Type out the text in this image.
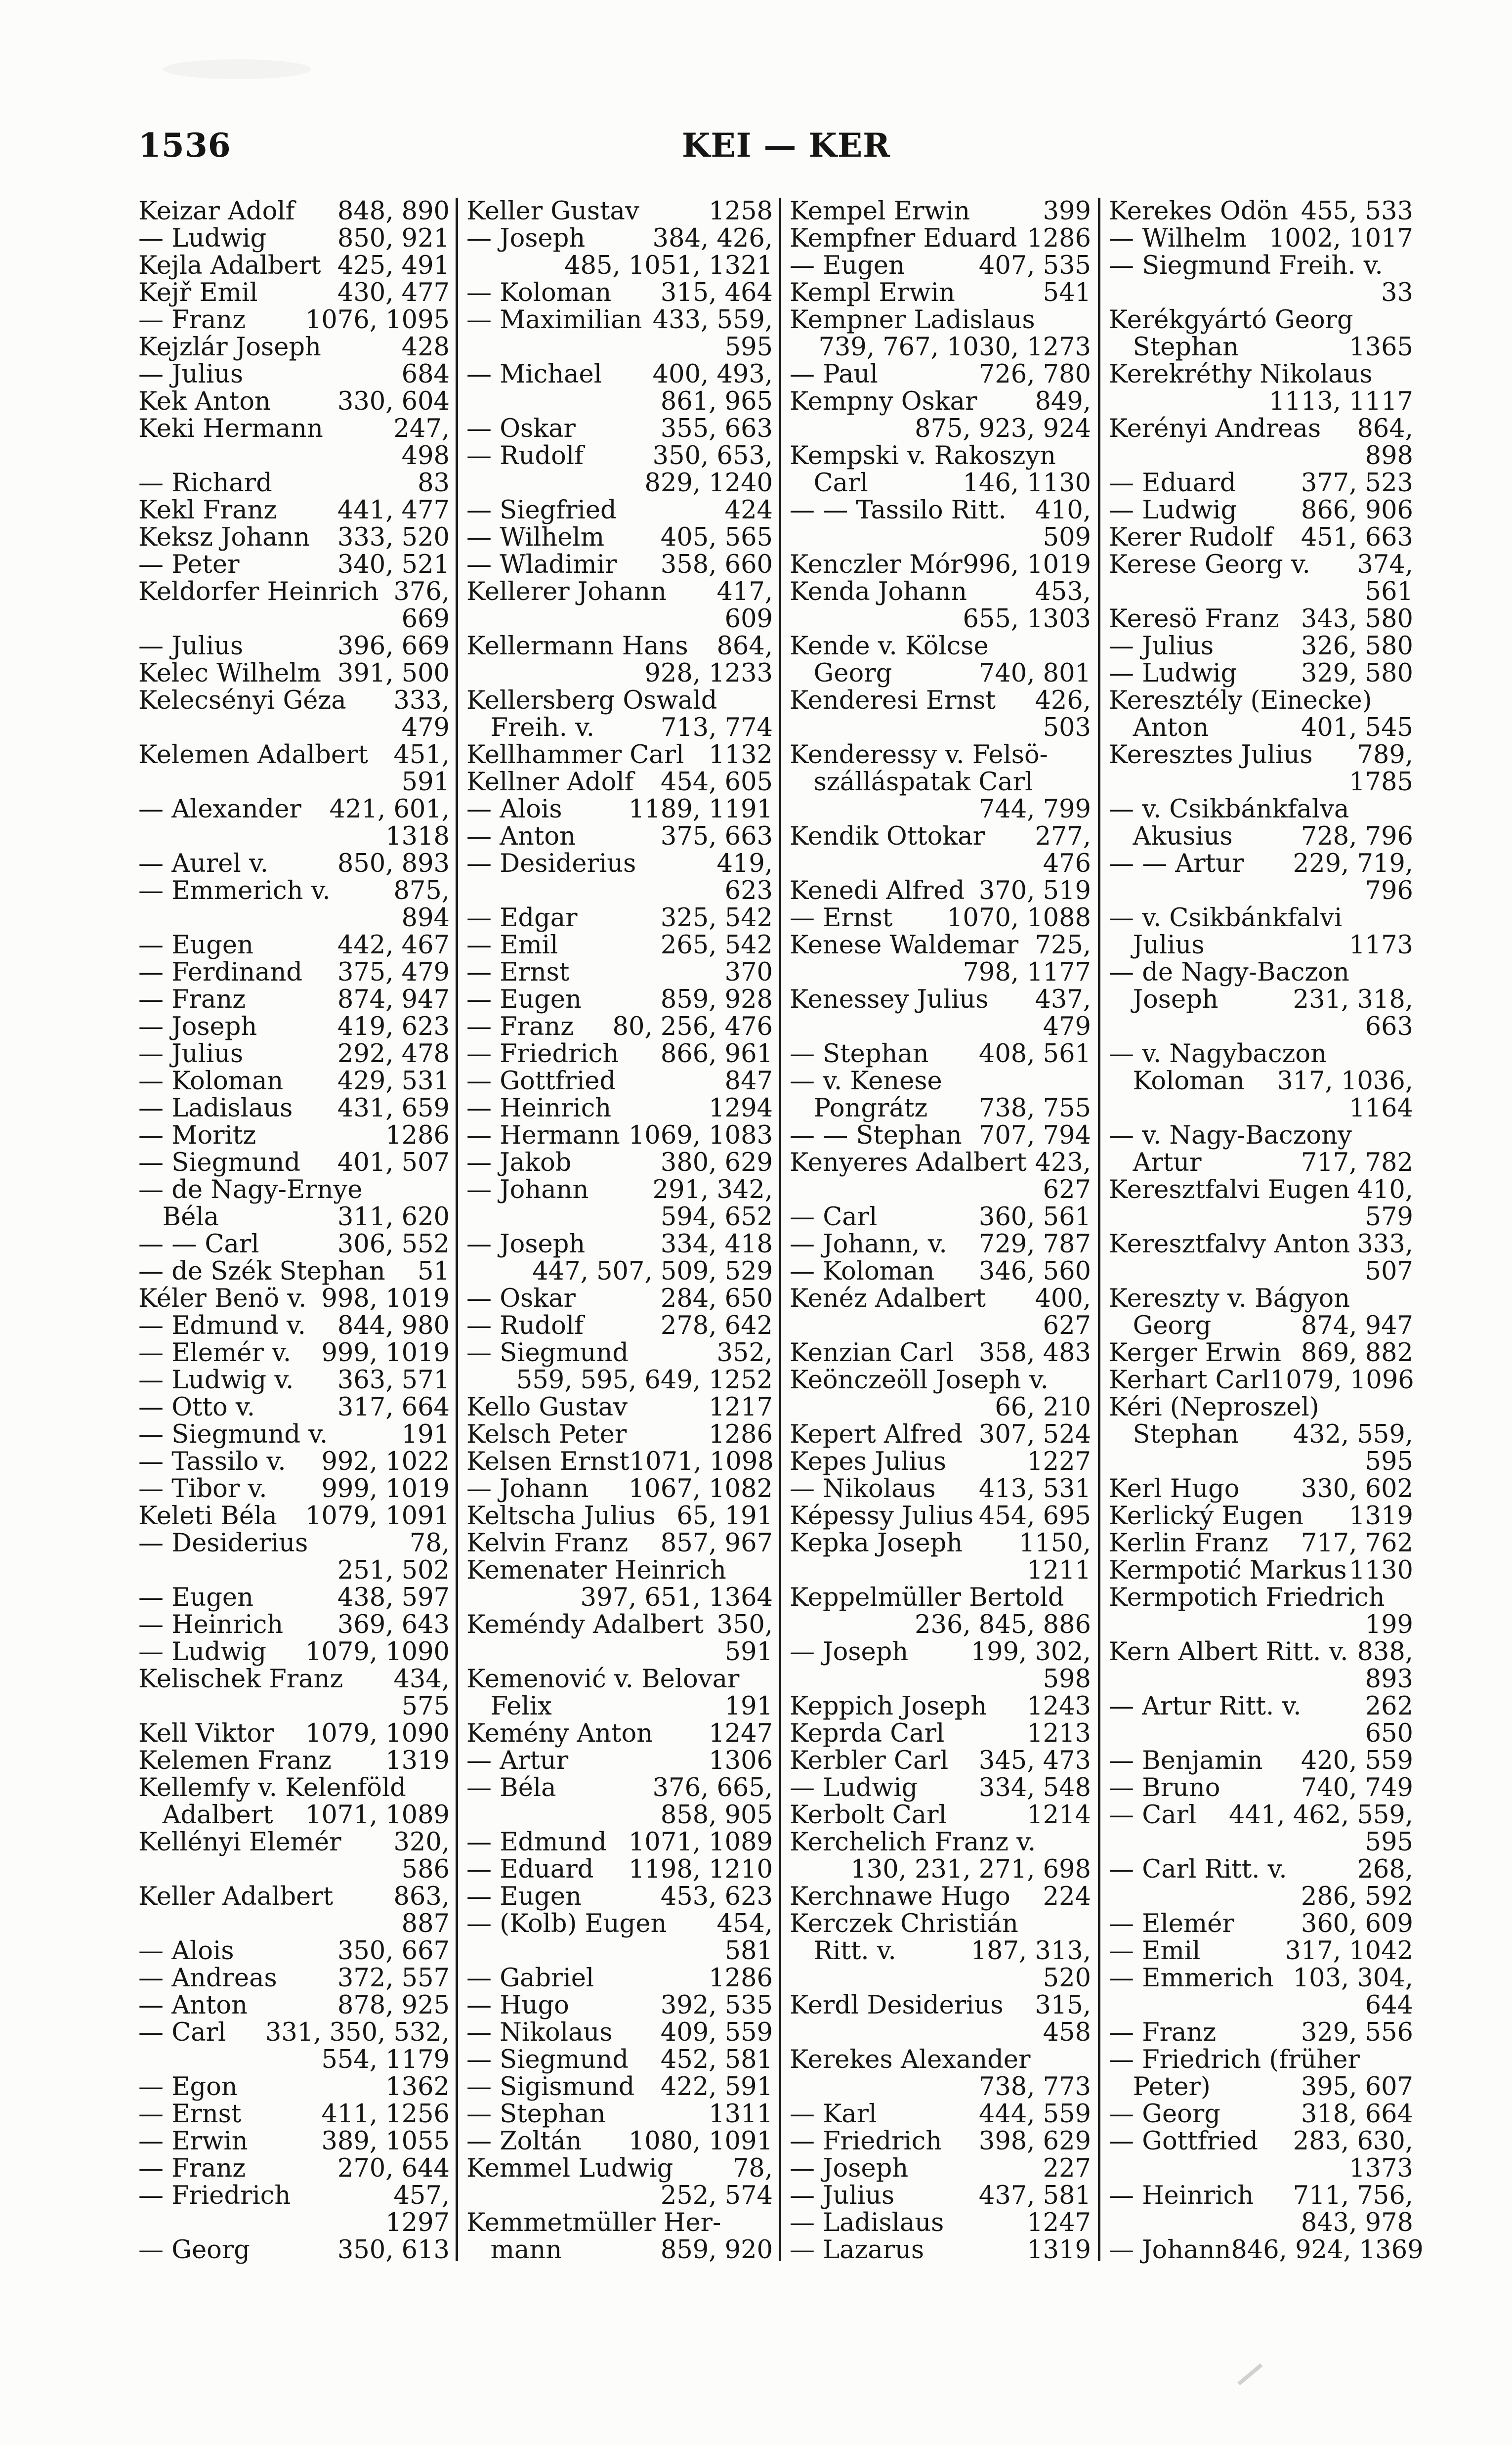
1536	KEI — KER
Keizar Adolf 848, 890
— Ludwig	850, 921
Kejla Adalbert 425, 491
Kejř Emil	430, 477
— Franz 1076, 1095
Kejzlár Joseph	428
— Julius	684
Kek Anton	330, 604
Keki Hermann	247,
498
— Richard	83
Kekl Franz 441, 477
Keksz Johann 333, 520
— Peter	340, 521
Keldorfer Heinrich 376,
669
— Julius	396, 669
Kelec Wilhelm 391, 500
Kelecsényi Géza 333,
479
Kelemen Adalbert 451,
591
— Alexander 421, 601,
1318
— Aurel v.	850, 893
— Emmerich v.	875,
894
— Eugen	442, 467
— Ferdinand 375, 479
— Franz	874, 947
— Joseph	419, 623
— Julius	292, 478
— Koloman 429, 531
— Ladislaus 431, 659
— Moritz	1286
— Siegmund 401, 507
— de Nagy-Ernye
Béla	311, 620
— — Carl	306, 552
— de Szék Stephan 51
Kéler Benö v. 998, 1019
— Edmund v. 844, 980
— Elemér v. 999, 1019
— Ludwig v. 363, 571
— Otto v.	317, 664
— Siegmund v.	191
— Tassilo v. 992, 1022
— Tibor v. 999, 1019
Keleti Béla 1079, 1091
— Desiderius	78,
251, 502
— Eugen	438, 597
— Heinrich 369, 643
— Ludwig 1079, 1090
Kelischek Franz 434,
575
Kell Viktor 1079, 1090
Kelemen Franz 1319
Kellemfy v. Kelenföld
Adalbert 1071, 1089
Kellényi Elemér 320,
586
Keller Adalbert 863,
887
— Alois	350, 667
— Andreas 372, 557
— Anton	878, 925
— Carl 331, 350, 532,
554, 1179
— Egon	1362
— Ernst	411, 1256
— Erwin	389, 1055
— Franz	270, 644
— Friedrich	457,
1297
— Georg	350, 613
Keller Gustav	1258
— Joseph	384, 426,
485, 1051, 1321
— Koloman 315, 464
— Maximilian 433, 559,
595
— Michael 400, 493,
861, 965
— Oskar	355, 663
— Rudolf	350, 653,
829, 1240
— Siegfried	424
— Wilhelm 405, 565
— Wladimir 358, 660
Kellerer Johann 417,
609
Kellermann Hans 864,
928, 1233
Kellersberg Oswald
Freih. v.	713, 774
Kellhammer Carl 1132
Kellner Adolf 454, 605
— Alois	1189, 1191
— Anton	375, 663
— Desiderius	419,
623
— Edgar	325, 542
— Emil	265, 542
— Ernst	370
— Eugen	859, 928
— Franz 80, 256, 476
— Friedrich 866, 961
— Gottfried	847
— Heinrich	1294
— Hermann 1069, 1083
— Jakob	380, 629
— Johann	291, 342,
594, 652
— Joseph	334, 418
447, 507, 509, 529
— Oskar	284, 650
— Rudolf	278, 642
— Siegmund	352,
559, 595, 649, 1252
Kello Gustav	1217
Kelsch Peter	1286
Kelsen Ernst 1071, 1098
— Johann 1067, 1082
Keltscha Julius 65, 191
Kelvin Franz 857, 967
Kemenater Heinrich
397, 651, 1364
Keméndy Adalbert 350,
591
Kemenović v. Belovar
Felix	191
Kemény Anton 1247
— Artur	1306
— Béla	376, 665,
858, 905
— Edmund 1071, 1089
— Eduard 1198, 1210
— Eugen	453, 623
— (Kolb) Eugen 454,
581
— Gabriel	1286
— Hugo	392, 535
— Nikolaus 409, 559
— Siegmund 452, 581
— Sigismund 422, 591
— Stephan	1311
— Zoltán 1080, 1091
Kemmel Ludwig 78,
252, 574
Kemmetmüller Her-
mann	859, 920
Kempel Erwin	399
Kempfner Eduard 1286
— Eugen	407, 535
Kempl Erwin	541
Kempner Ladislaus
739, 767, 1030, 1273
— Paul	726, 780
Kempny Oskar 849,
875, 923, 924
Kempski v. Rakoszyn
Carl	146, 1130
— — Tassilo Ritt. 410,
509
Kenczler Mór 996, 1019
Kenda Johann	453,
655, 1303
Kende v. Kölcse
Georg	740, 801
Kenderesi Ernst 426,
503
Kenderessy v. Felsö-
szálláspatak Carl
744, 799
Kendik Ottokar 277,
476
Kenedi Alfred 370, 519
— Ernst 1070, 1088
Kenese Waldemar 725,
798, 1177
Kenessey Julius 437,
479
— Stephan 408, 561
— v. Kenese
Pongrátz 738, 755
— — Stephan 707, 794
Kenyeres Adalbert 423,
627
— Carl	360, 561
— Johann, v. 729, 787
— Koloman 346, 560
Kenéz Adalbert 400,
627
Kenzian Carl 358, 483
Keönczeöll Joseph v.
66, 210
Kepert Alfred 307, 524
Kepes Julius	1227
— Nikolaus 413, 531
Képessy Julius 454, 695
Kepka Joseph 1150,
1211
Keppelmüller Bertold
236, 845, 886
— Joseph 199, 302,
598
Keppich Joseph 1243
Keprda Carl	1213
Kerbler Carl 345, 473
— Ludwig 334, 548
Kerbolt Carl	1214
Kerchelich Franz v.
130, 231, 271, 698
Kerchnawe Hugo 224
Kerczek Christián
Ritt. v.	187, 313,
520
Kerdl Desiderius 315,
458
Kerekes Alexander
738, 773
— Karl	444, 559
— Friedrich 398, 629
— Joseph	227
— Julius	437, 581
— Ladislaus	1247
— Lazarus	1319
Kerekes Odön 455, 533
— Wilhelm 1002, 1017
— Siegmund Freih. v.
33
Kerékgyártó Georg
Stephan	1365
Kerekréthy Nikolaus
1113, 1117
Kerényi Andreas 864,
898
— Eduard	377, 523
— Ludwig	866, 906
Kerer Rudolf 451, 663
Kerese Georg v. 374,
561
Keresö Franz 343, 580
— Julius	326, 580
— Ludwig	329, 580
Keresztély (Einecke)
Anton	401, 545
Keresztes Julius 789,
1785
— v. Csikbánkfalva
Akusius	728, 796
— — Artur 229, 719,
796
— v. Csikbánkfalvi
Julius	1173
— de Nagy-Baczon
Joseph	231, 318,
663
— v. Nagybaczon
Koloman 317, 1036,
1164
— v. Nagy-Baczony
Artur	717, 782
Keresztfalvi Eugen 410,
579
Keresztfalvy Anton 333,
507
Kereszty v. Bágyon
Georg	874, 947
Kerger Erwin 869, 882
Kerhart Carl 1079, 1096
Kéri (Neproszel)
Stephan 432, 559,
595
Kerl Hugo 330, 602
Kerlický Eugen 1319
Kerlin Franz 717, 762
Kermpotić Markus 1130
Kermpotich Friedrich
199
Kern Albert Ritt. v. 838,
893
— Artur Ritt. v.	262
650
— Benjamin 420, 559
— Bruno	740, 749
— Carl 441, 462, 559,
595
— Carl Ritt. v.	268,
286, 592
— Elemér	360, 609
— Emil	317, 1042
— Emmerich 103, 304,
644
— Franz	329, 556
— Friedrich (früher
Peter)	395, 607
— Georg	318, 664
— Gottfried 283, 630,
1373
— Heinrich 711, 756,
843, 978
— Johann 846, 924, 1369
